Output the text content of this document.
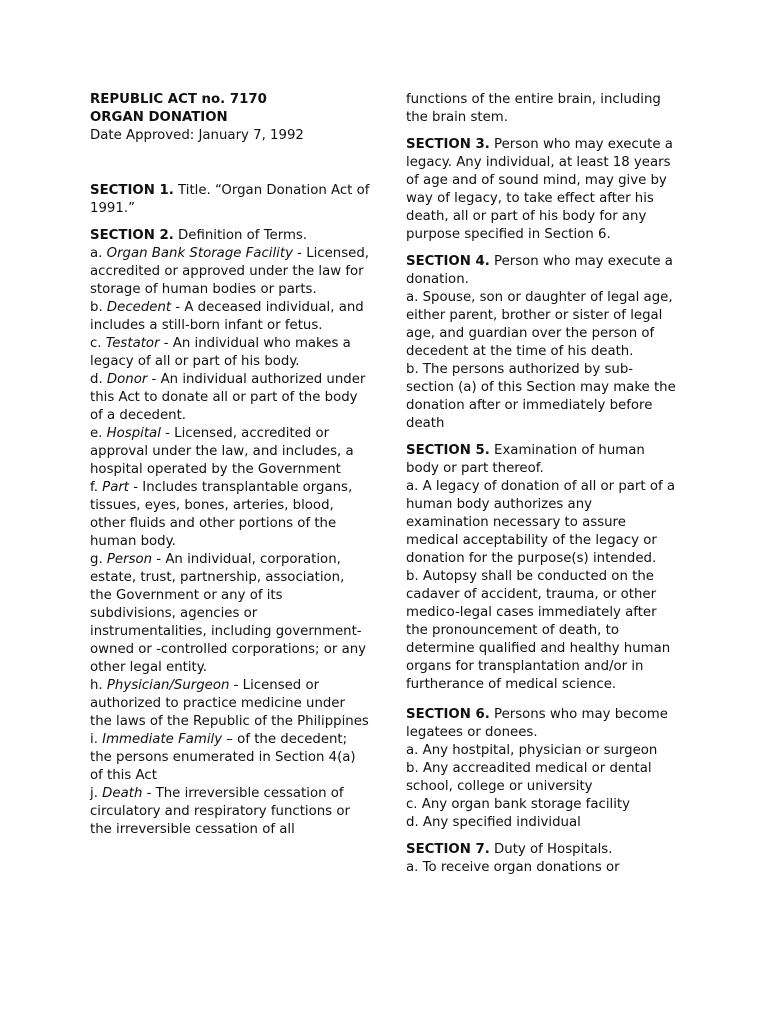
REPUBLIC ACT no. 7170

ORGAN DONATION

Date Approved: January 7, 1992

SECTION 1. Title. “Organ Donation Act of 1991.”

SECTION 2. Definition of Terms.

a. Organ Bank Storage Facility - Licensed, accredited or approved under the law for storage of human bodies or parts.

b. Decedent - A deceased individual, and includes a still-born infant or fetus.

c. Testator - An individual who makes a legacy of all or part of his body.

d. Donor - An individual authorized under this Act to donate all or part of the body of a decedent.

e. Hospital - Licensed, accredited or approval under the law, and includes, a hospital operated by the Government

f. Part - Includes transplantable organs, tissues, eyes, bones, arteries, blood, other fluids and other portions of the human body.

g. Person - An individual, corporation, estate, trust, partnership, association, the Government or any of its subdivisions, agencies or instrumentalities, including government-owned or -controlled corporations; or any other legal entity.

h. Physician/Surgeon - Licensed or authorized to practice medicine under the laws of the Republic of the Philippines

i. Immediate Family – of the decedent; the persons enumerated in Section 4(a) of this Act

j. Death - The irreversible cessation of circulatory and respiratory functions or the irreversible cessation of all

functions of the entire brain, including the brain stem.

SECTION 3. Person who may execute a legacy. Any individual, at least 18 years of age and of sound mind, may give by way of legacy, to take effect after his death, all or part of his body for any purpose specified in Section 6.

SECTION 4. Person who may execute a donation.

a. Spouse, son or daughter of legal age, either parent, brother or sister of legal age, and guardian over the person of decedent at the time of his death.

b. The persons authorized by sub-section (a) of this Section may make the donation after or immediately before death

SECTION 5. Examination of human body or part thereof.

a. A legacy of donation of all or part of a human body authorizes any examination necessary to assure medical acceptability of the legacy or donation for the purpose(s) intended.

b. Autopsy shall be conducted on the cadaver of accident, trauma, or other medico-legal cases immediately after the pronouncement of death, to determine qualified and healthy human organs for transplantation and/or in furtherance of medical science.

SECTION 6. Persons who may become legatees or donees.

a. Any hostpital, physician or surgeon

b. Any accreadited medical or dental school, college or university

c. Any organ bank storage facility

d. Any specified individual

SECTION 7. Duty of Hospitals.

a. To receive organ donations or
